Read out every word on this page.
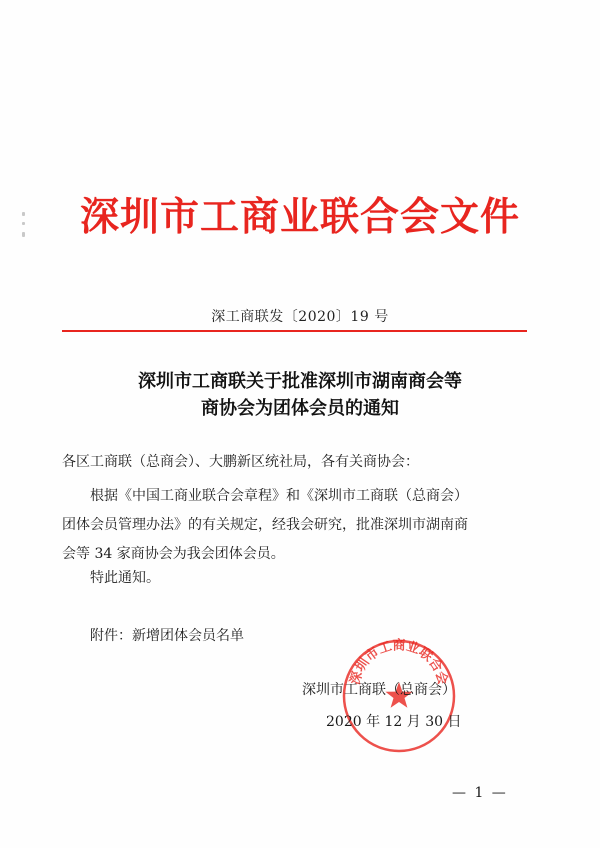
深圳市工商业联合会文件
深工商联发〔2020〕19 号
深圳市工商联关于批准深圳市湖南商会等
商协会为团体会员的通知
各区工商联（总商会）、大鹏新区统社局，各有关商协会：
根据《中国工商业联合会章程》和《深圳市工商联（总商会）
团体会员管理办法》的有关规定，经我会研究，批准深圳市湖南商
会等 34 家商协会为我会团体会员。
特此通知。
附件：新增团体会员名单
深圳市工商业联合会
深圳市工商联（总商会）
2020 年 12 月 30 日
— 1 —
